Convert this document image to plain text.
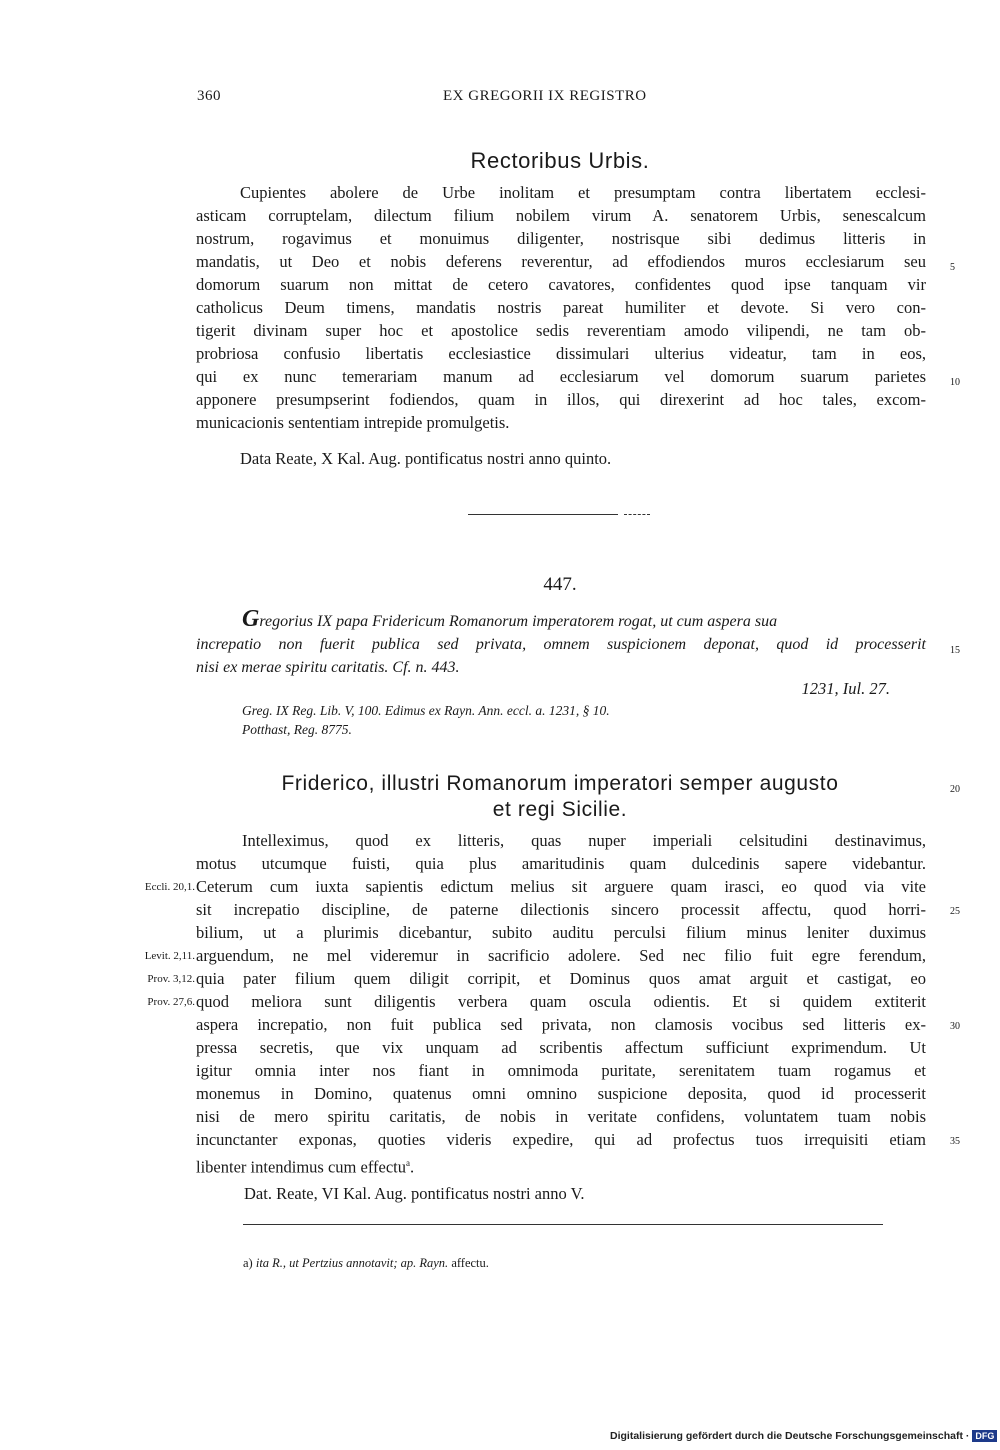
360	EX GREGORII IX REGISTRO
Rectoribus Urbis.
Cupientes abolere de Urbe inolitam et presumptam contra libertatem ecclesi-
asticam corruptelam, dilectum filium nobilem virum A. senatorem Urbis, senescalcum
nostrum, rogavimus et monuimus diligenter, nostrisque sibi dedimus litteris in
mandatis, ut Deo et nobis deferens reverentur, ad effodiendos muros ecclesiarum seu
domorum suarum non mittat de cetero cavatores, confidentes quod ipse tanquam vir
catholicus Deum timens, mandatis nostris pareat humiliter et devote. Si vero con-
tigerit divinam super hoc et apostolice sedis reverentiam amodo vilipendi, ne tam ob-
probriosa confusio libertatis ecclesiastice dissimulari ulterius videatur, tam in eos,
qui ex nunc temerariam manum ad ecclesiarum vel domorum suarum parietes
apponere presumpserint fodiendos, quam in illos, qui direxerint ad hoc tales, excom-
municacionis sententiam intrepide promulgetis.
5
10
Data Reate, X Kal. Aug. pontificatus nostri anno quinto.
447.
Gregorius IX papa Fridericum Romanorum imperatorem rogat, ut cum aspera sua
increpatio non fuerit publica sed privata, omnem suspicionem deponat, quod id processerit
nisi ex merae spiritu caritatis. Cf. n. 443.
15
1231, Iul. 27.
Greg. IX Reg. Lib. V, 100. Edimus ex Rayn. Ann. eccl. a. 1231, § 10.
Potthast, Reg. 8775.
Friderico, illustri Romanorum imperatori semper augusto
et regi Sicilie.
20
Intelleximus, quod ex litteris, quas nuper imperiali celsitudini destinavimus,
motus utcumque fuisti, quia plus amaritudinis quam dulcedinis sapere videbantur.
Ceterum cum iuxta sapientis edictum melius sit arguere quam irasci, eo quod via vite
sit increpatio discipline, de paterne dilectionis sincero processit affectu, quod horri-
bilium, ut a plurimis dicebantur, subito auditu perculsi filium minus leniter duximus
arguendum, ne mel videremur in sacrificio adolere. Sed nec filio fuit egre ferendum,
quia pater filium quem diligit corripit, et Dominus quos amat arguit et castigat, eo
quod meliora sunt diligentis verbera quam oscula odientis. Et si quidem extiterit
aspera increpatio, non fuit publica sed privata, non clamosis vocibus sed litteris ex-
pressa secretis, que vix unquam ad scribentis affectum sufficiunt exprimendum. Ut
igitur omnia inter nos fiant in omnimoda puritate, serenitatem tuam rogamus et
monemus in Domino, quatenus omni omnino suspicione deposita, quod id processerit
nisi de mero spiritu caritatis, de nobis in veritate confidens, voluntatem tuam nobis
incunctanter exponas, quoties videris expedire, qui ad profectus tuos irrequisiti etiam
libenter intendimus cum effectu$^a$.
Eccli. 20,1.
Levit. 2,11.
Prov. 3,12.
Prov. 27,6.
25
30
35
Dat. Reate, VI Kal. Aug. pontificatus nostri anno V.
a) ita R., ut Pertzius annotavit; ap. Rayn. affectu.
Digitalisierung gefördert durch die Deutsche Forschungsgemeinschaft · DFG
